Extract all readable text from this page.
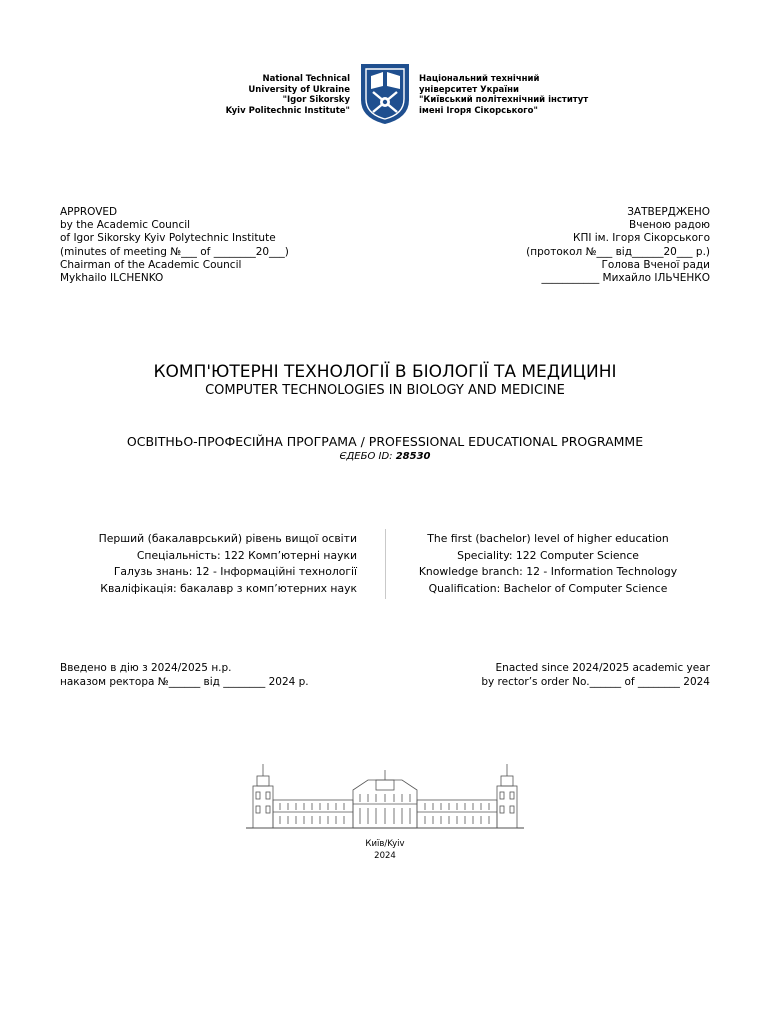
National Technical
University of Ukraine
"Igor Sikorsky
Kyiv Politechnic Institute"
Національний технічний
університет України
"Київський політехнічний інститут
імені Ігоря Сікорського"
APPROVED
by the Academic Council
of Igor Sikorsky Kyiv Polytechnic Institute
(minutes of meeting №___ of ________20___)
Chairman of the Academic Council
Mykhailo ILCHENKO
ЗАТВЕРДЖЕНО
Вченою радою
КПІ ім. Ігоря Сікорського
(протокол №___ від______20___ р.)
Голова Вченої ради
___________ Михайло ІЛЬЧЕНКО
КОМП'ЮТЕРНІ ТЕХНОЛОГІЇ В БІОЛОГІЇ ТА МЕДИЦИНІ
COMPUTER TECHNOLOGIES IN BIOLOGY AND MEDICINE
ОСВІТНЬО-ПРОФЕСІЙНА ПРОГРАМА / PROFESSIONAL EDUCATIONAL PROGRAMME
ЄДЕБО ID: 28530
Перший (бакалаврський) рівень вищої освіти
Спеціальність: 122 Комп’ютерні науки
Галузь знань: 12 - Інформаційні технології
Кваліфікація: бакалавр з комп’ютерних наук
The first (bachelor) level of higher education
Speciality: 122 Computer Science
Knowledge branch: 12 - Information Technology
Qualification: Bachelor of Computer Science
Введено в дію з 2024/2025 н.р.
наказом ректора №______ від ________ 2024 р.
Enacted since 2024/2025 academic year
by rector’s order No.______ of ________ 2024
Київ/Kyiv
2024
